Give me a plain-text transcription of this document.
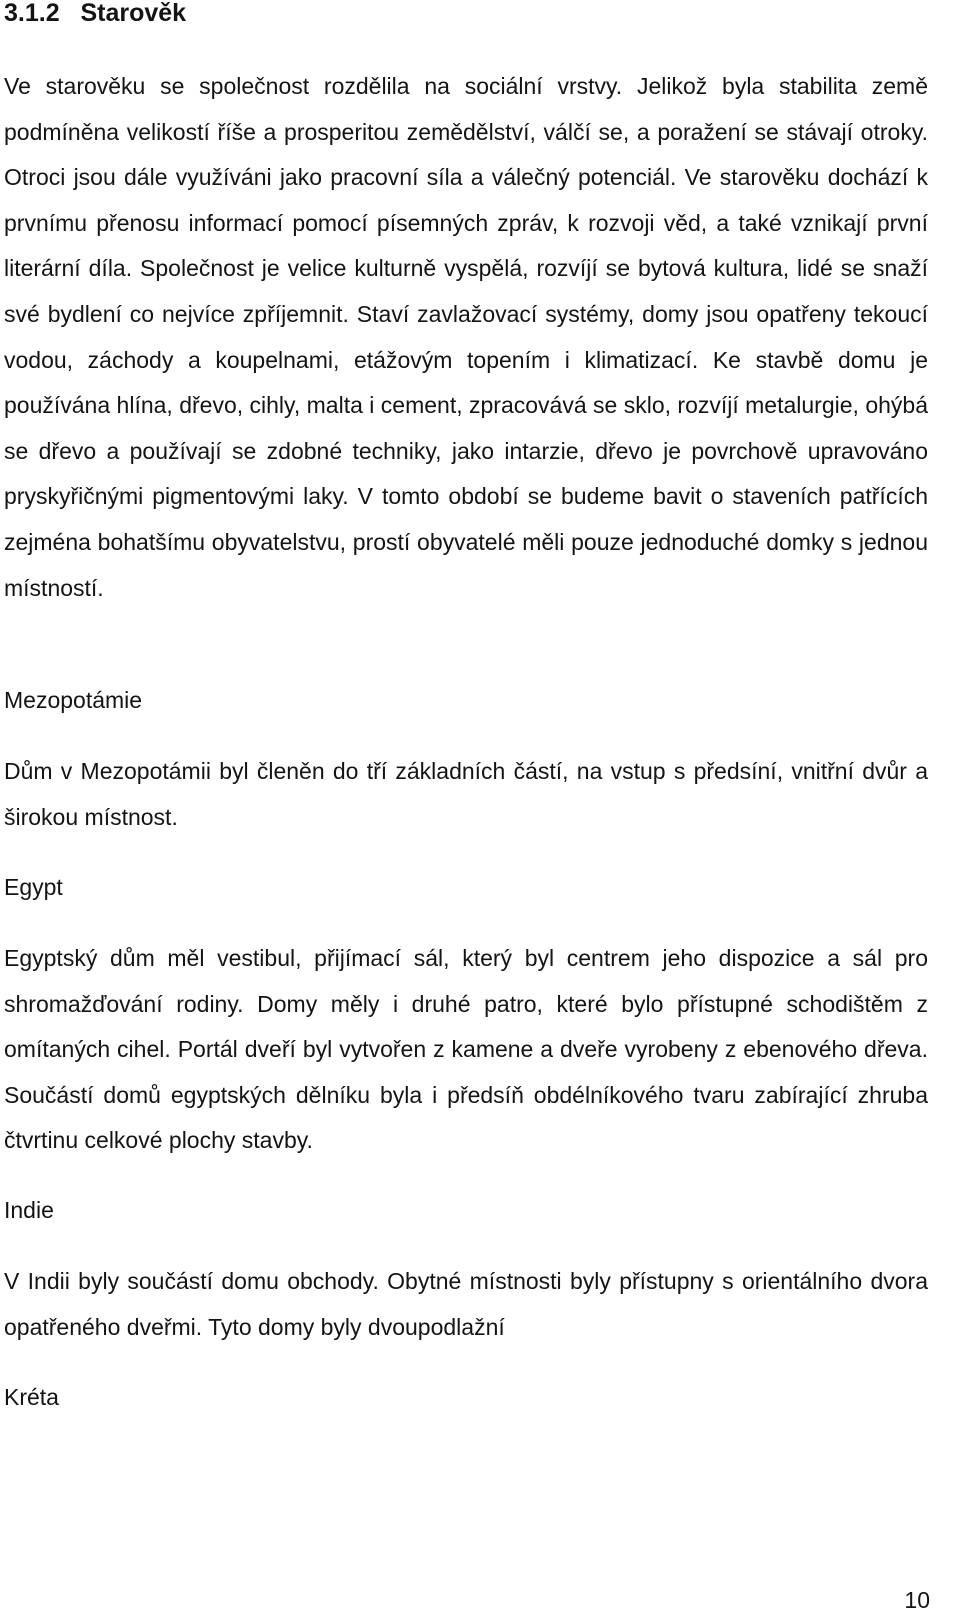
3.1.2 Starověk

Ve starověku se společnost rozdělila na sociální vrstvy. Jelikož byla stabilita země podmíněna velikostí říše a prosperitou zemědělství, válčí se, a poražení se stávají otroky. Otroci jsou dále využíváni jako pracovní síla a válečný potenciál. Ve starověku dochází k prvnímu přenosu informací pomocí písemných zpráv, k rozvoji věd, a také vznikají první literární díla. Společnost je velice kulturně vyspělá, rozvíjí se bytová kultura, lidé se snaží své bydlení co nejvíce zpříjemnit. Staví zavlažovací systémy, domy jsou opatřeny tekoucí vodou, záchody a koupelnami, etážovým topením i klimatizací. Ke stavbě domu je používána hlína, dřevo, cihly, malta i cement, zpracovává se sklo, rozvíjí metalurgie, ohýbá se dřevo a používají se zdobné techniky, jako intarzie, dřevo je povrchově upravováno pryskyřičnými pigmentovými laky. V tomto období se budeme bavit o staveních patřících zejména bohatšímu obyvatelstvu, prostí obyvatelé měli pouze jednoduché domky s jednou místností.

Mezopotámie

Dům v Mezopotámii byl členěn do tří základních částí, na vstup s předsíní, vnitřní dvůr a širokou místnost.

Egypt

Egyptský dům měl vestibul, přijímací sál, který byl centrem jeho dispozice a sál pro shromažďování rodiny. Domy měly i druhé patro, které bylo přístupné schodištěm z omítaných cihel. Portál dveří byl vytvořen z kamene a dveře vyrobeny z ebenového dřeva. Součástí domů egyptských dělníku byla i předsíň obdélníkového tvaru zabírající zhruba čtvrtinu celkové plochy stavby.

Indie

V Indii byly součástí domu obchody. Obytné místnosti byly přístupny s orientálního dvora opatřeného dveřmi. Tyto domy byly dvoupodlažní

Kréta
10
